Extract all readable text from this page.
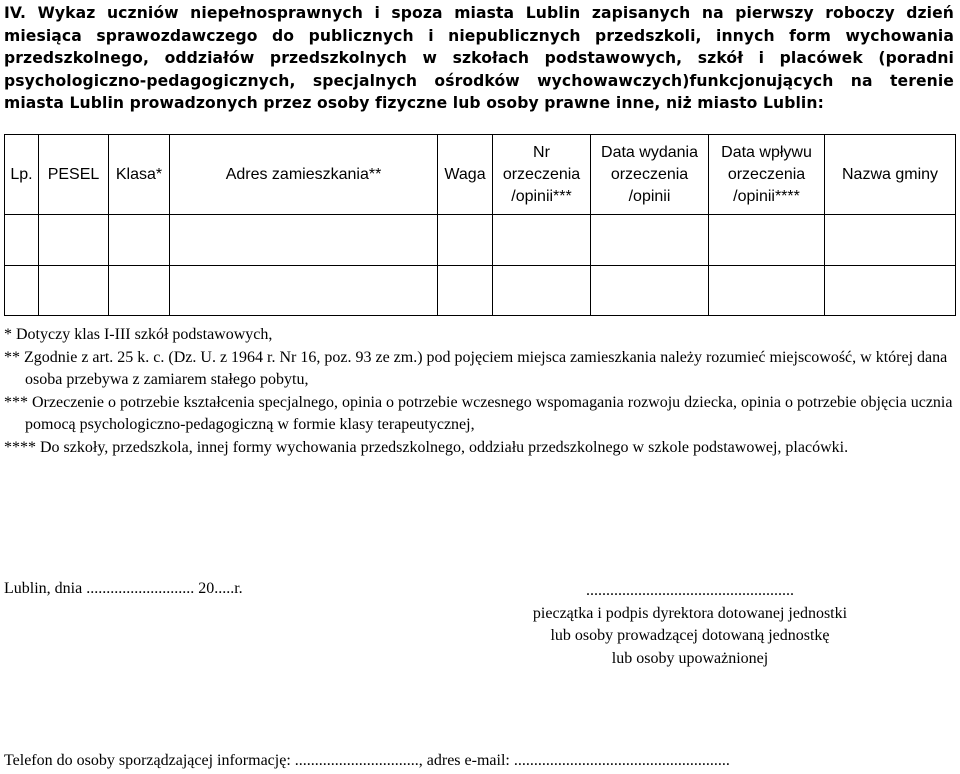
IV. Wykaz uczniów niepełnosprawnych i spoza miasta Lublin zapisanych na pierwszy roboczy dzień miesiąca sprawozdawczego do publicznych i niepublicznych przedszkoli, innych form wychowania przedszkolnego, oddziałów przedszkolnych w szkołach podstawowych, szkół i placówek (poradni psychologiczno-pedagogicznych, specjalnych ośrodków wychowawczych)funkcjonujących na terenie miasta Lublin prowadzonych przez osoby fizyczne lub osoby prawne inne, niż miasto Lublin:
Lp.	PESEL	Klasa*	Adres zamieszkania**	Waga	Nr orzeczenia /opinii***	Data wydania orzeczenia /opinii	Data wpływu orzeczenia /opinii****	Nazwa gminy

* Dotyczy klas I-III szkół podstawowych,
** Zgodnie z art. 25 k. c. (Dz. U. z 1964 r. Nr 16, poz. 93 ze zm.) pod pojęciem miejsca zamieszkania należy rozumieć miejscowość, w której dana osoba przebywa z zamiarem stałego pobytu,
*** Orzeczenie o potrzebie kształcenia specjalnego, opinia o potrzebie wczesnego wspomagania rozwoju dziecka, opinia o potrzebie objęcia ucznia pomocą psychologiczno-pedagogiczną w formie klasy terapeutycznej,
**** Do szkoły, przedszkola, innej formy wychowania przedszkolnego, oddziału przedszkolnego w szkole podstawowej, placówki.
Lublin, dnia ........................... 20.....r.	....................................................
pieczątka i podpis dyrektora dotowanej jednostki
lub osoby prowadzącej dotowaną jednostkę
lub osoby upoważnionej
Telefon do osoby sporządzającej informację: ..............................., adres e-mail: ......................................................
